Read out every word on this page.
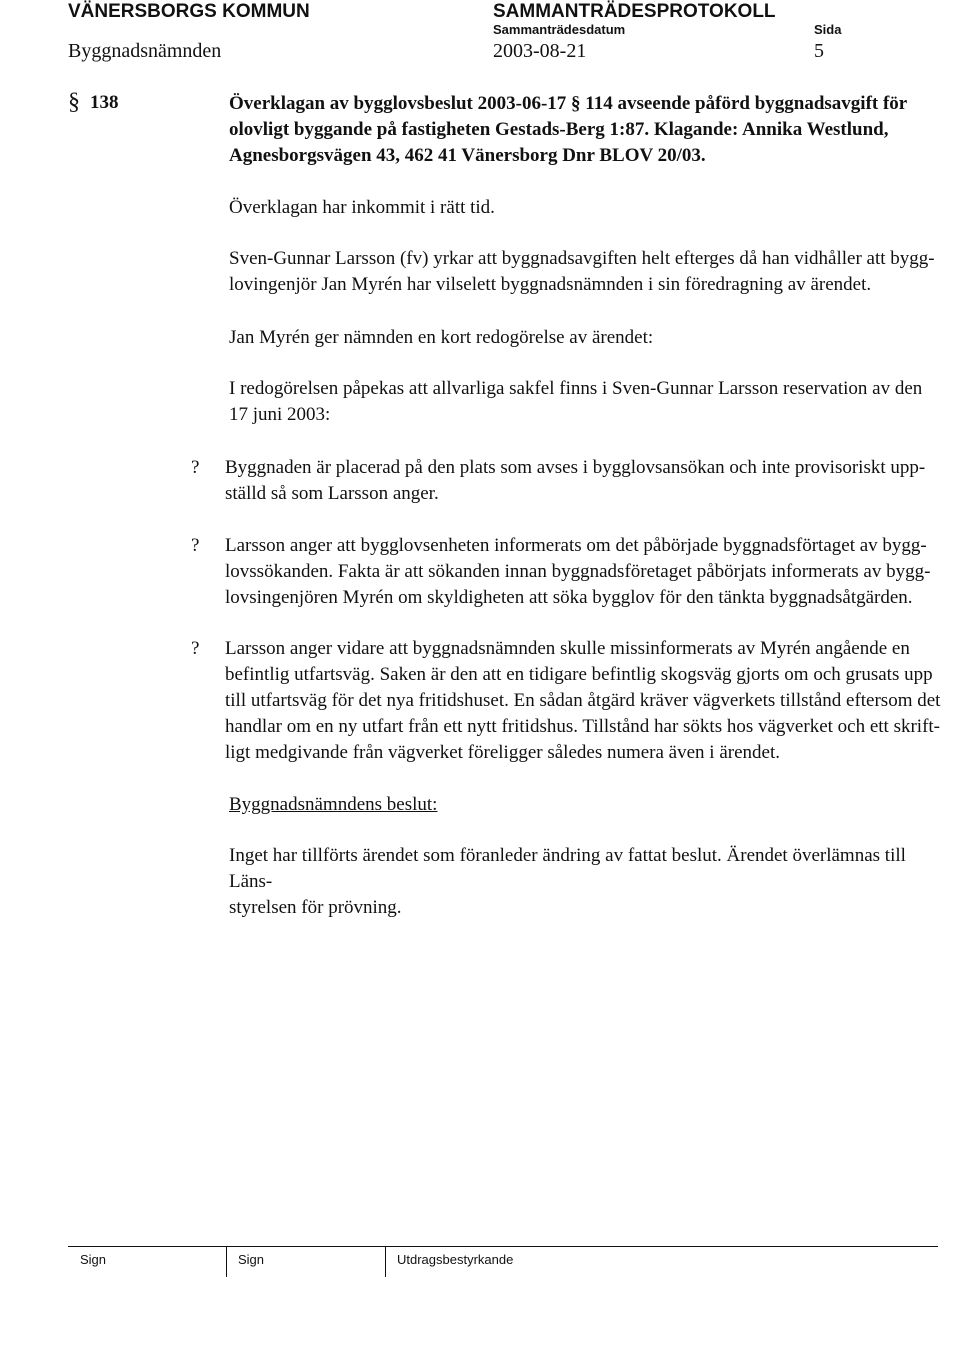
VÄNERSBORGS KOMMUN	SAMMANTRÄDESPROTOKOLL
Sammanträdesdatum	Sida
Byggnadsnämnden	2003-08-21	5
§ 138	Överklagan av bygglovsbeslut 2003-06-17 § 114 avseende påförd byggnadsavgift för
olovligt byggande på fastigheten Gestads-Berg 1:87. Klagande: Annika Westlund,
Agnesborgsvägen 43, 462 41 Vänersborg Dnr BLOV 20/03.
Överklagan har inkommit i rätt tid.
Sven-Gunnar Larsson (fv) yrkar att byggnadsavgiften helt efterges då han vidhåller att bygg-
lovingenjör Jan Myrén har vilselett byggnadsnämnden i sin föredragning av ärendet.
Jan Myrén ger nämnden en kort redogörelse av ärendet:
I redogörelsen påpekas att allvarliga sakfel finns i Sven-Gunnar Larsson reservation av den
17 juni 2003:
? Byggnaden är placerad på den plats som avses i bygglovsansökan och inte provisoriskt upp-
ställd så som Larsson anger.
? Larsson anger att bygglovsenheten informerats om det påbörjade byggnadsförtaget av bygg-
lovssökanden. Fakta är att sökanden innan byggnadsföretaget påbörjats informerats av bygg-
lovsingenjören Myrén om skyldigheten att söka bygglov för den tänkta byggnadsåtgärden.
? Larsson anger vidare att byggnadsnämnden skulle missinformerats av Myrén angående en
befintlig utfartsväg. Saken är den att en tidigare befintlig skogsväg gjorts om och grusats upp
till utfartsväg för det nya fritidshuset. En sådan åtgärd kräver vägverkets tillstånd eftersom det
handlar om en ny utfart från ett nytt fritidshus. Tillstånd har sökts hos vägverket och ett skrift-
ligt medgivande från vägverket föreligger således numera även i ärendet.
Byggnadsnämndens beslut:
Inget har tillförts ärendet som föranleder ändring av fattat beslut. Ärendet överlämnas till Läns-
styrelsen för prövning.
Sign	Sign	Utdragsbestyrkande
